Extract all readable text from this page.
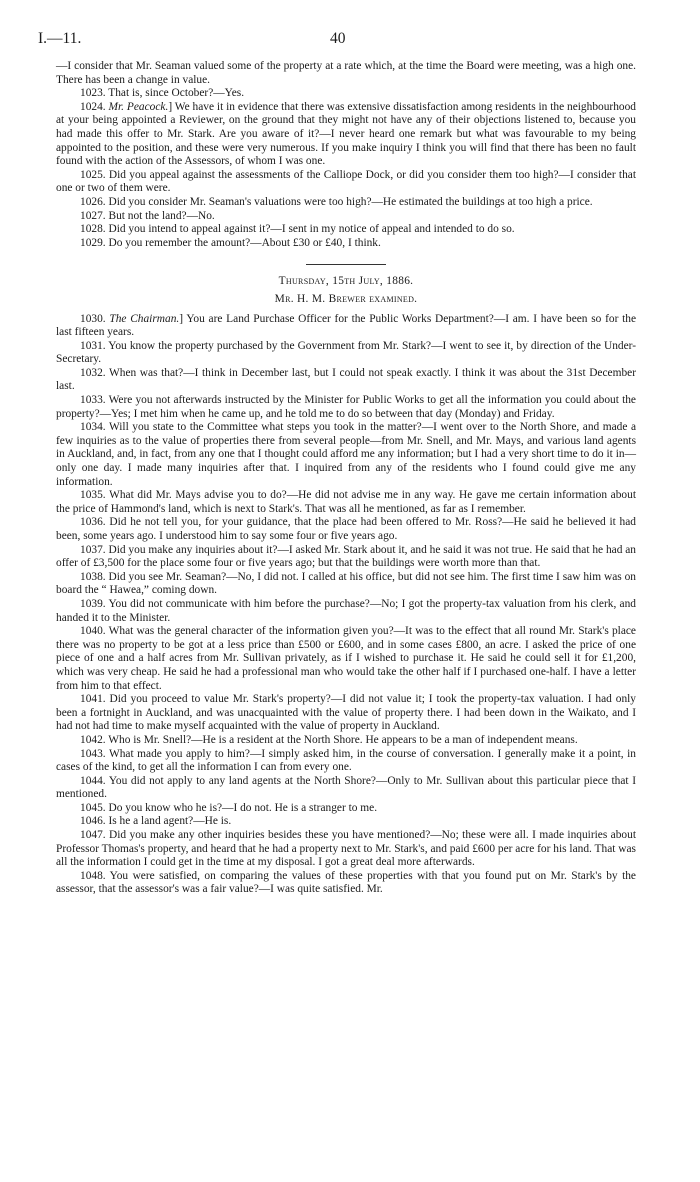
I.—11.	40

—I consider that Mr. Seaman valued some of the property at a rate which, at the time the Board were meeting, was a high one. There has been a change in value.

1023. That is, since October?—Yes.

1024. Mr. Peacock.] We have it in evidence that there was extensive dissatisfaction among residents in the neighbourhood at your being appointed a Reviewer, on the ground that they might not have any of their objections listened to, because you had made this offer to Mr. Stark. Are you aware of it?—I never heard one remark but what was favourable to my being appointed to the position, and these were very numerous. If you make inquiry I think you will find that there has been no fault found with the action of the Assessors, of whom I was one.

1025. Did you appeal against the assessments of the Calliope Dock, or did you consider them too high?—I consider that one or two of them were.

1026. Did you consider Mr. Seaman's valuations were too high?—He estimated the buildings at too high a price.

1027. But not the land?—No.

1028. Did you intend to appeal against it?—I sent in my notice of appeal and intended to do so.

1029. Do you remember the amount?—About £30 or £40, I think.

Thursday, 15th July, 1886.

Mr. H. M. Brewer examined.

1030. The Chairman.] You are Land Purchase Officer for the Public Works Department?—I am. I have been so for the last fifteen years.

1031. You know the property purchased by the Government from Mr. Stark?—I went to see it, by direction of the Under-Secretary.

1032. When was that?—I think in December last, but I could not speak exactly. I think it was about the 31st December last.

1033. Were you not afterwards instructed by the Minister for Public Works to get all the information you could about the property?—Yes; I met him when he came up, and he told me to do so between that day (Monday) and Friday.

1034. Will you state to the Committee what steps you took in the matter?—I went over to the North Shore, and made a few inquiries as to the value of properties there from several people—from Mr. Snell, and Mr. Mays, and various land agents in Auckland, and, in fact, from any one that I thought could afford me any information; but I had a very short time to do it in—only one day. I made many inquiries after that. I inquired from any of the residents who I found could give me any information.

1035. What did Mr. Mays advise you to do?—He did not advise me in any way. He gave me certain information about the price of Hammond's land, which is next to Stark's. That was all he mentioned, as far as I remember.

1036. Did he not tell you, for your guidance, that the place had been offered to Mr. Ross?—He said he believed it had been, some years ago. I understood him to say some four or five years ago.

1037. Did you make any inquiries about it?—I asked Mr. Stark about it, and he said it was not true. He said that he had an offer of £3,500 for the place some four or five years ago; but that the buildings were worth more than that.

1038. Did you see Mr. Seaman?—No, I did not. I called at his office, but did not see him. The first time I saw him was on board the “ Hawea,” coming down.

1039. You did not communicate with him before the purchase?—No; I got the property-tax valuation from his clerk, and handed it to the Minister.

1040. What was the general character of the information given you?—It was to the effect that all round Mr. Stark's place there was no property to be got at a less price than £500 or £600, and in some cases £800, an acre. I asked the price of one piece of one and a half acres from Mr. Sullivan privately, as if I wished to purchase it. He said he could sell it for £1,200, which was very cheap. He said he had a professional man who would take the other half if I purchased one-half. I have a letter from him to that effect.

1041. Did you proceed to value Mr. Stark's property?—I did not value it; I took the property-tax valuation. I had only been a fortnight in Auckland, and was unacquainted with the value of property there. I had been down in the Waikato, and I had not had time to make myself acquainted with the value of property in Auckland.

1042. Who is Mr. Snell?—He is a resident at the North Shore. He appears to be a man of independent means.

1043. What made you apply to him?—I simply asked him, in the course of conversation. I generally make it a point, in cases of the kind, to get all the information I can from every one.

1044. You did not apply to any land agents at the North Shore?—Only to Mr. Sullivan about this particular piece that I mentioned.

1045. Do you know who he is?—I do not. He is a stranger to me.

1046. Is he a land agent?—He is.

1047. Did you make any other inquiries besides these you have mentioned?—No; these were all. I made inquiries about Professor Thomas's property, and heard that he had a property next to Mr. Stark's, and paid £600 per acre for his land. That was all the information I could get in the time at my disposal. I got a great deal more afterwards.

1048. You were satisfied, on comparing the values of these properties with that you found put on Mr. Stark's by the assessor, that the assessor's was a fair value?—I was quite satisfied. Mr.
